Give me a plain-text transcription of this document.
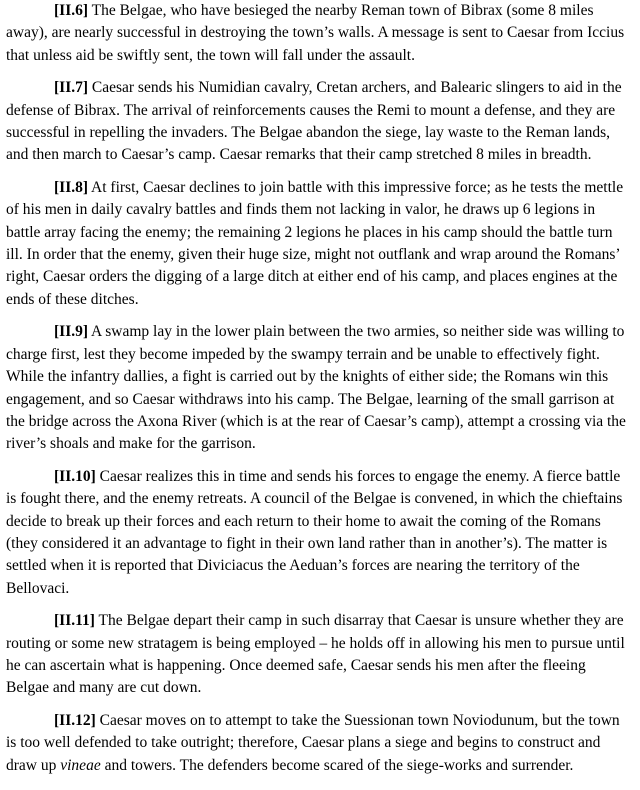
[II.6] The Belgae, who have besieged the nearby Reman town of Bibrax (some 8 miles away), are nearly successful in destroying the town’s walls. A message is sent to Caesar from Iccius that unless aid be swiftly sent, the town will fall under the assault.

[II.7] Caesar sends his Numidian cavalry, Cretan archers, and Balearic slingers to aid in the defense of Bibrax. The arrival of reinforcements causes the Remi to mount a defense, and they are successful in repelling the invaders. The Belgae abandon the siege, lay waste to the Reman lands, and then march to Caesar’s camp. Caesar remarks that their camp stretched 8 miles in breadth.

[II.8] At first, Caesar declines to join battle with this impressive force; as he tests the mettle of his men in daily cavalry battles and finds them not lacking in valor, he draws up 6 legions in battle array facing the enemy; the remaining 2 legions he places in his camp should the battle turn ill. In order that the enemy, given their huge size, might not outflank and wrap around the Romans’ right, Caesar orders the digging of a large ditch at either end of his camp, and places engines at the ends of these ditches.

[II.9] A swamp lay in the lower plain between the two armies, so neither side was willing to charge first, lest they become impeded by the swampy terrain and be unable to effectively fight. While the infantry dallies, a fight is carried out by the knights of either side; the Romans win this engagement, and so Caesar withdraws into his camp. The Belgae, learning of the small garrison at the bridge across the Axona River (which is at the rear of Caesar’s camp), attempt a crossing via the river’s shoals and make for the garrison.

[II.10] Caesar realizes this in time and sends his forces to engage the enemy. A fierce battle is fought there, and the enemy retreats. A council of the Belgae is convened, in which the chieftains decide to break up their forces and each return to their home to await the coming of the Romans (they considered it an advantage to fight in their own land rather than in another’s). The matter is settled when it is reported that Diviciacus the Aeduan’s forces are nearing the territory of the Bellovaci.

[II.11] The Belgae depart their camp in such disarray that Caesar is unsure whether they are routing or some new stratagem is being employed – he holds off in allowing his men to pursue until he can ascertain what is happening. Once deemed safe, Caesar sends his men after the fleeing Belgae and many are cut down.

[II.12] Caesar moves on to attempt to take the Suessionan town Noviodunum, but the town is too well defended to take outright; therefore, Caesar plans a siege and begins to construct and draw up vineae and towers. The defenders become scared of the siege-works and surrender.
